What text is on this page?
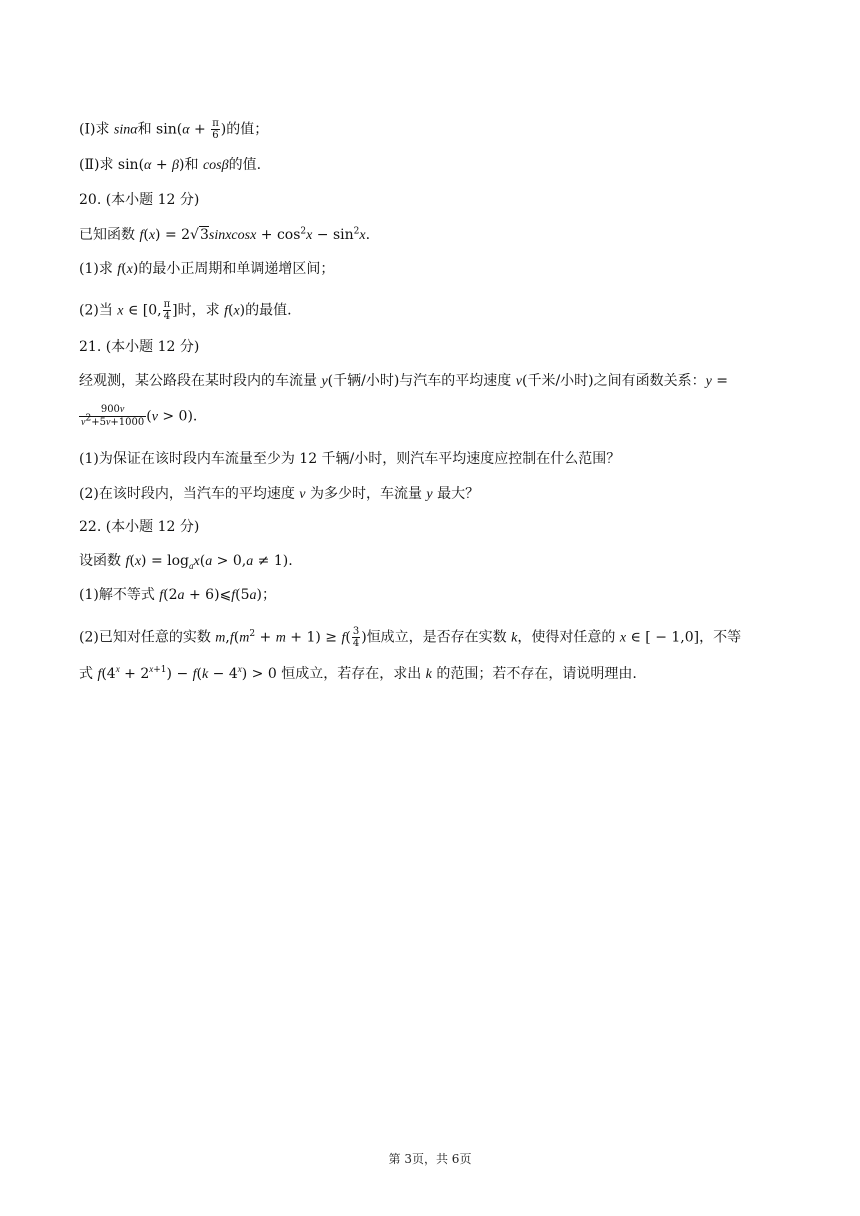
(Ⅰ)求 sinα和 $\sin(\alpha + \frac{\pi}{6}$ )的值；
(Ⅱ)求 sin(α + β)和 cosβ的值.
20. (本小题 12 分)
已知函数 f(x) = 2√3sinxcosx + $\cos^2x - \sin^2x$.
(1)求 f(x)的最小正周期和单调递增区间；
(2)当 x ∈ [0, $\frac{\pi}{4}$ ]时，求 f(x)的最值.
21. (本小题 12 分)
经观测，某公路段在某时段内的车流量 y(千辆/小时)与汽车的平均速度 v(千米/小时)之间有函数关系：y =
$\frac{900v}{v^2+5v+1000} (v > 0)$.
(1)为保证在该时段内车流量至少为 12 千辆/小时，则汽车平均速度应控制在什么范围？
(2)在该时段内，当汽车的平均速度 v 为多少时，车流量 y 最大？
22. (本小题 12 分)
设函数 $f(x) = \log_ax(a > 0,a \ne 1)$.
(1)解不等式 f(2a + 6)⩽f(5a)；
(2)已知对任意的实数 $m,f(m^2 + m + 1) \ge f( \frac{3}{4}$ )恒成立，是否存在实数 k，使得对任意的 x ∈ [ − 1,0]，不等
式 $f(4^x + 2^{x+1}) - f(k - 4^x) > 0$ 恒成立，若存在，求出 k 的范围；若不存在，请说明理由.
第 3页，共 6页
